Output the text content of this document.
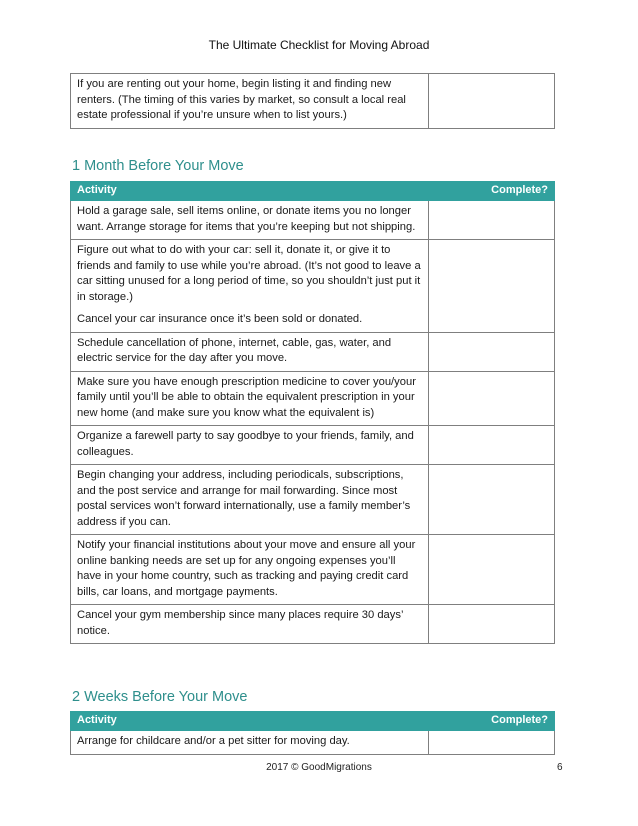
The Ultimate Checklist for Moving Abroad
If you are renting out your home, begin listing it and finding new renters. (The timing of this varies by market, so consult a local real estate professional if you’re unsure when to list yours.)	
1 Month Before Your Move
Activity	Complete?
Hold a garage sale, sell items online, or donate items you no longer want. Arrange storage for items that you’re keeping but not shipping.	

Figure out what to do with your car: sell it, donate it, or give it to friends and family to use while you’re abroad. (It’s not good to leave a car sitting unused for a long period of time, so you shouldn’t just put it in storage.)

Cancel your car insurance once it’s been sold or donated.	

Schedule cancellation of phone, internet, cable, gas, water, and electric service for the day after you move.	
Make sure you have enough prescription medicine to cover you/your family until you’ll be able to obtain the equivalent prescription in your new home (and make sure you know what the equivalent is)	
Organize a farewell party to say goodbye to your friends, family, and colleagues.	
Begin changing your address, including periodicals, subscriptions, and the post service and arrange for mail forwarding. Since most postal services won’t forward internationally, use a family member’s address if you can.	
Notify your financial institutions about your move and ensure all your online banking needs are set up for any ongoing expenses you’ll have in your home country, such as tracking and paying credit card bills, car loans, and mortgage payments.	
Cancel your gym membership since many places require 30 days’ notice.	
2 Weeks Before Your Move
Activity	Complete?
Arrange for childcare and/or a pet sitter for moving day.	
2017 © GoodMigrations	6
